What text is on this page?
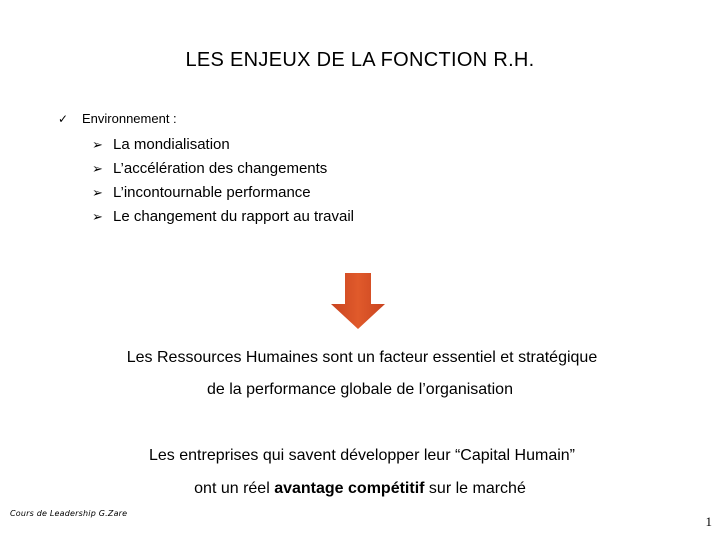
LES ENJEUX DE LA FONCTION R.H.
✓ Environnement :
➢ La mondialisation
➢ L’accélération des changements
➢ L’incontournable performance
➢ Le changement du rapport au travail
Les Ressources Humaines sont un facteur essentiel et stratégique
de la performance globale de l’organisation
Les entreprises qui savent développer leur “Capital Humain”
ont un réel avantage compétitif sur le marché
Cours de Leadership G.Zare
1
